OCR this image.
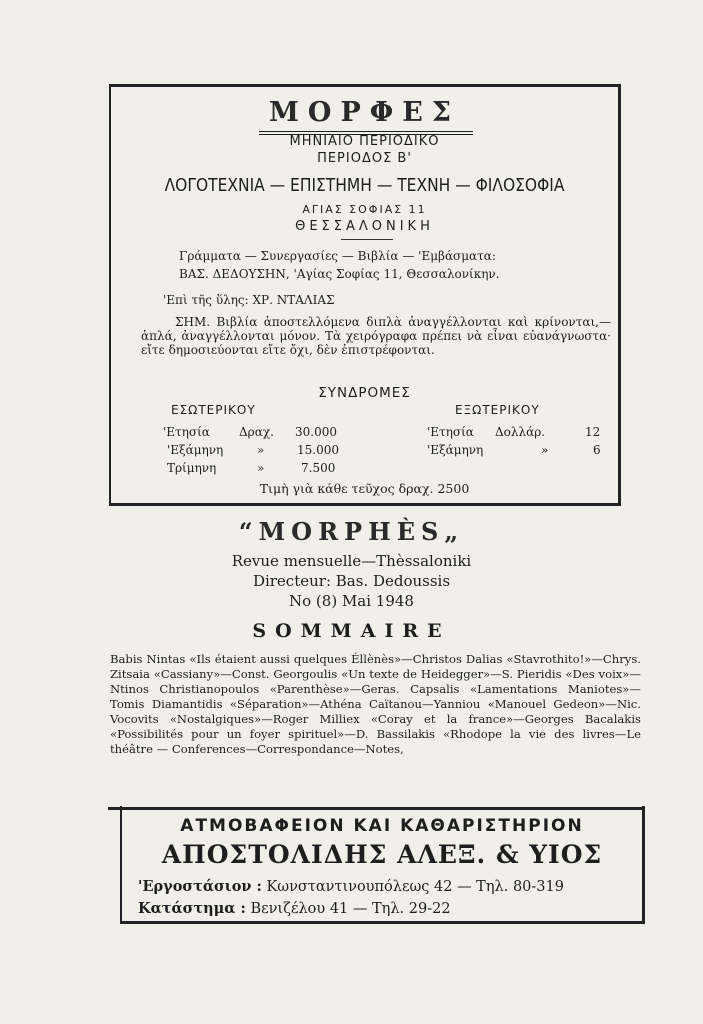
ΜΟΡΦΕΣ
ΜΗΝΙΑΙΟ ΠΕΡΙΟΔΙΚΟ
ΠΕΡΙΟΔΟΣ Β'
ΛΟΓΟΤΕΧΝΙΑ — ΕΠΙΣΤΗΜΗ — ΤΕΧΝΗ — ΦΙΛΟΣΟΦΙΑ
ΑΓΙΑΣ ΣΟΦΙΑΣ 11
ΘΕΣΣΑΛΟΝΙΚΗ
Γράμματα — Συνεργασίες — Βιβλία — 'Εμβάσματα:
ΒΑΣ. ΔΕΔΟΥΣΗΝ, 'Αγίας Σοφίας 11, Θεσσαλονίκην.
'Επὶ τῆς ὕλης: ΧΡ. ΝΤΑΛΙΑΣ
ΣΗΜ. Βιβλία ἀποστελλόμενα διπλὰ ἀναγγέλλονται καὶ κρίνονται,—ἁπλά, ἀναγγέλλονται μόνον. Τὰ χειρόγραφα πρέπει νὰ εἶναι εὐανάγνωστα· εἴτε δημοσιεύονται εἴτε ὄχι, δὲν ἐπιστρέφονται.
ΣΥΝΔΡΟΜΕΣ
ΕΣΩΤΕΡΙΚΟΥ	ΕΞΩΤΕΡΙΚΟΥ
'Ετησία Δραχ. 30.000
'Εξάμηνη	»	15.000
Τρίμηνη	»	7.500
'Ετησία Δολλάρ.	12
'Εξάμηνη	»	6
Τιμὴ γιὰ κάθε τεῦχος δραχ. 2500
“MORPHÈS„
Revue mensuelle—Thèssaloniki
Directeur: Bas. Dedoussis
No (8) Mai 1948
SOMMAIRE
Babis Nintas «Ils étaient aussi quelques Éllènès»—Christos Dalias «Stavrothito!»—Chrys. Zitsaia «Cassiany»—Const. Georgoulis «Un texte de Heidegger»—S. Pieridis «Des voix»—Ntinos Christianopoulos «Parenthèse»—Geras. Capsalis «Lamentations Maniotes»—Tomis Diamantidis «Séparation»—Athéna Caïtanou—Yanniou «Manouel Gedeon»—Nic. Vocovits «Nostalgiques»—Roger Milliex «Coray et la france»—Georges Bacalakis «Possibilités pour un foyer spirituel»—D. Bassilakis «Rhodope la vie des livres—Le théâtre — Conferences—Correspondance—Notes,
ΑΤΜΟΒΑΦΕΙΟΝ ΚΑΙ ΚΑΘΑΡΙΣΤΗΡΙΟΝ
ΑΠΟΣΤΟΛΙΔΗΣ ΑΛΕΞ. & ΥΙΟΣ
'Εργοστάσιον : Κωνσταντινουπόλεως 42 — Τηλ. 80-319
Κατάστημα : Βενιζέλου 41 — Τηλ. 29-22
